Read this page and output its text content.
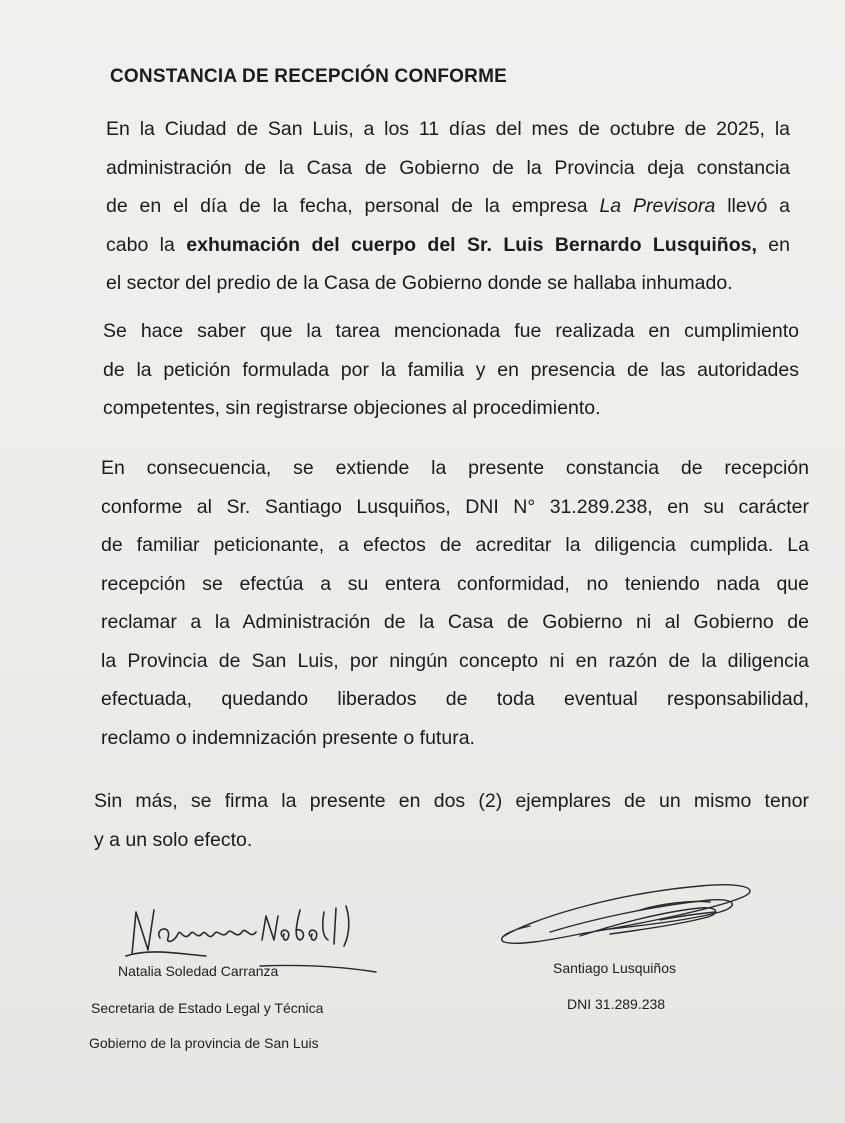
CONSTANCIA DE RECEPCIÓN CONFORME
En la Ciudad de San Luis, a los 11 días del mes de octubre de 2025, la
administración de la Casa de Gobierno de la Provincia deja constancia
de en el día de la fecha, personal de la empresa La Previsora llevó a
cabo la exhumación del cuerpo del Sr. Luis Bernardo Lusquiños, en
el sector del predio de la Casa de Gobierno donde se hallaba inhumado.
Se hace saber que la tarea mencionada fue realizada en cumplimiento
de la petición formulada por la familia y en presencia de las autoridades
competentes, sin registrarse objeciones al procedimiento.
En consecuencia, se extiende la presente constancia de recepción
conforme al Sr. Santiago Lusquiños, DNI N° 31.289.238, en su carácter
de familiar peticionante, a efectos de acreditar la diligencia cumplida. La
recepción se efectúa a su entera conformidad, no teniendo nada que
reclamar a la Administración de la Casa de Gobierno ni al Gobierno de
la Provincia de San Luis, por ningún concepto ni en razón de la diligencia
efectuada, quedando liberados de toda eventual responsabilidad,
reclamo o indemnización presente o futura.
Sin más, se firma la presente en dos (2) ejemplares de un mismo tenor
y a un solo efecto.
Natalia Soledad Carranza
Secretaria de Estado Legal y Técnica
Gobierno de la provincia de San Luis
Santiago Lusquiños
DNI 31.289.238
